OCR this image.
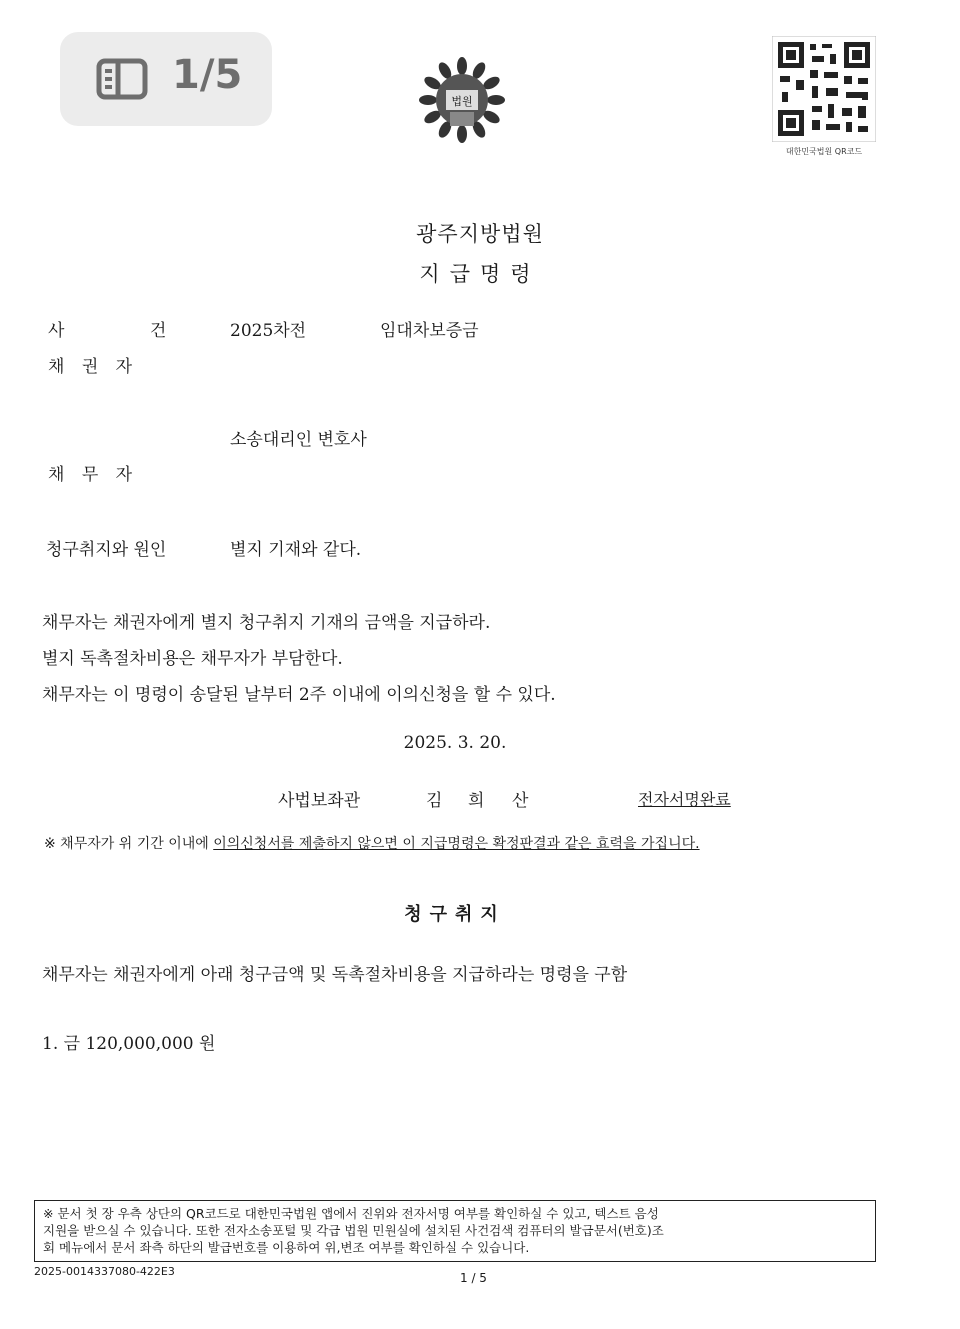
1/5
법원
대한민국법원 QR코드
광주지방법원
지급명령
사 건 2025차전	임대차보증금
채 권 자
소송대리인 변호사
채 무 자
청구취지와 원인	별지 기재와 같다.
채무자는 채권자에게 별지 청구취지 기재의 금액을 지급하라.
별지 독촉절차비용은 채무자가 부담한다.
채무자는 이 명령이 송달된 날부터 2주 이내에 이의신청을 할 수 있다.
2025. 3. 20.
사법보좌관	김 희 산	전자서명완료
※ 채무자가 위 기간 이내에 이의신청서를 제출하지 않으면 이 지급명령은 확정판결과 같은 효력을 가집니다.
청구취지
채무자는 채권자에게 아래 청구금액 및 독촉절차비용을 지급하라는 명령을 구함
1. 금 120,000,000 원
※ 문서 첫 장 우측 상단의 QR코드로 대한민국법원 앱에서 진위와 전자서명 여부를 확인하실 수 있고, 텍스트 음성
지원을 받으실 수 있습니다. 또한 전자소송포털 및 각급 법원 민원실에 설치된 사건검색 컴퓨터의 발급문서(번호)조
회 메뉴에서 문서 좌측 하단의 발급번호를 이용하여 위,변조 여부를 확인하실 수 있습니다.
2025-0014337080-422E3	1 / 5
